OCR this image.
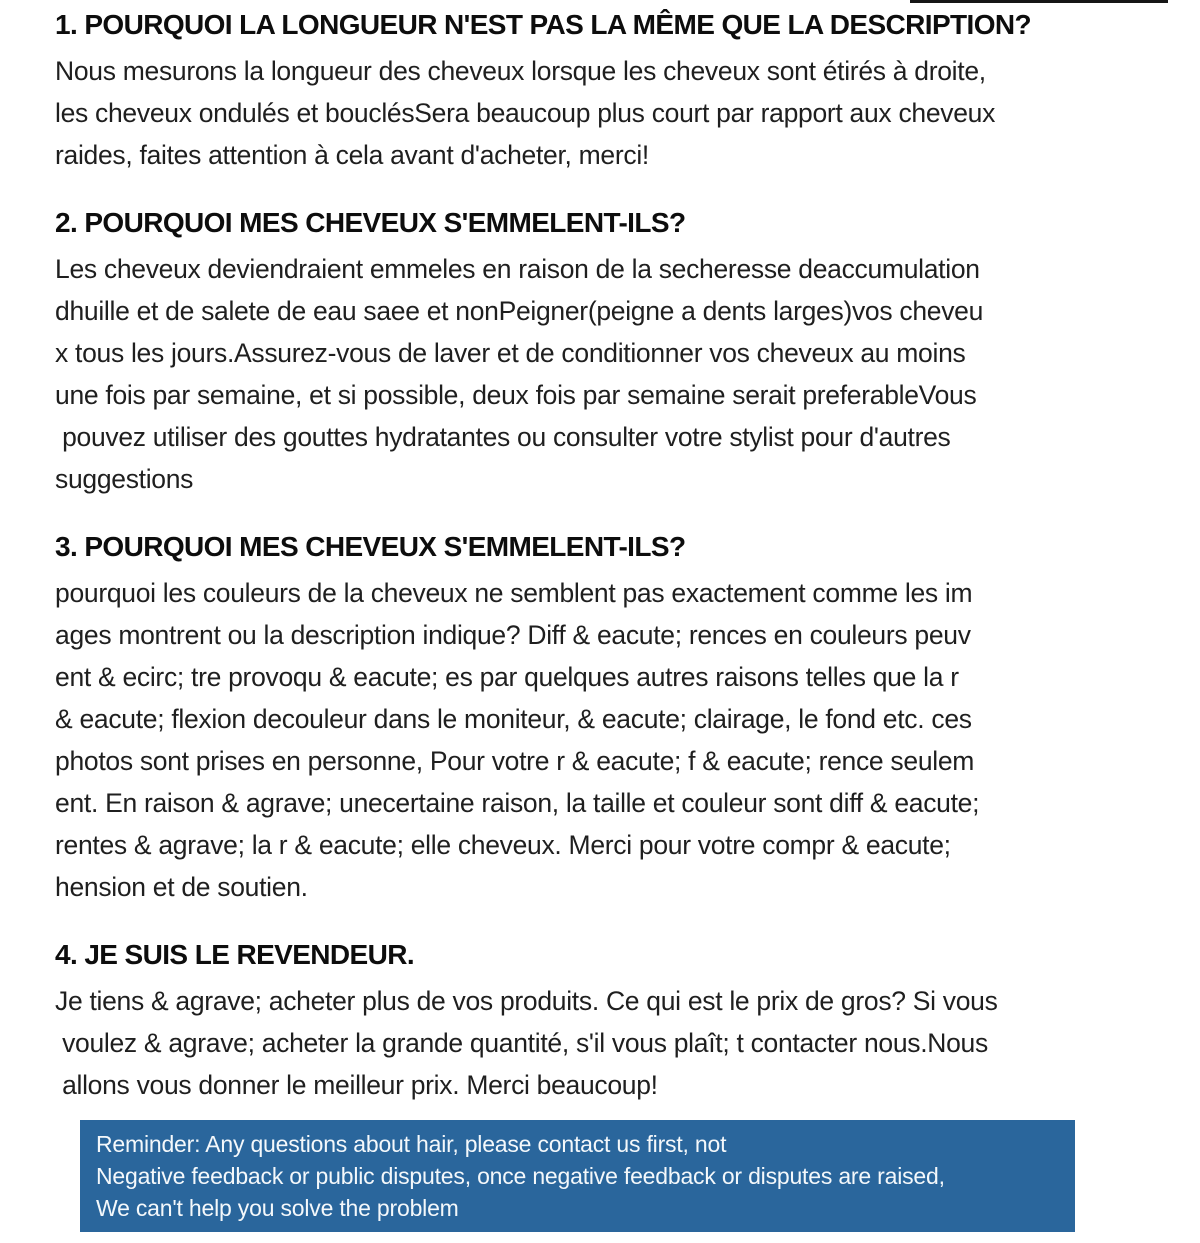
1. POURQUOI LA LONGUEUR N'EST PAS LA MÊME QUE LA DESCRIPTION?
Nous mesurons la longueur des cheveux lorsque les cheveux sont étirés à droite,
les cheveux ondulés et bouclésSera beaucoup plus court par rapport aux cheveux
raides, faites attention à cela avant d'acheter, merci!
2. POURQUOI MES CHEVEUX S'EMMELENT-ILS?
Les cheveux deviendraient emmeles en raison de la secheresse deaccumulation
dhuille et de salete de eau saee et nonPeigner(peigne a dents larges)vos cheveu
x tous les jours.Assurez-vous de laver et de conditionner vos cheveux au moins
une fois par semaine, et si possible, deux fois par semaine serait preferableVous
pouvez utiliser des gouttes hydratantes ou consulter votre stylist pour d'autres
suggestions
3. POURQUOI MES CHEVEUX S'EMMELENT-ILS?
pourquoi les couleurs de la cheveux ne semblent pas exactement comme les im
ages montrent ou la description indique? Diff & eacute; rences en couleurs peuv
ent & ecirc; tre provoqu & eacute; es par quelques autres raisons telles que la r
& eacute; flexion decouleur dans le moniteur, & eacute; clairage, le fond etc. ces
photos sont prises en personne, Pour votre r & eacute; f & eacute; rence seulem
ent. En raison & agrave; unecertaine raison, la taille et couleur sont diff & eacute;
rentes & agrave; la r & eacute; elle cheveux. Merci pour votre compr & eacute;
hension et de soutien.
4. JE SUIS LE REVENDEUR.
Je tiens & agrave; acheter plus de vos produits. Ce qui est le prix de gros? Si vous
voulez & agrave; acheter la grande quantité, s'il vous plaît; t contacter nous.Nous
allons vous donner le meilleur prix. Merci beaucoup!
Reminder: Any questions about hair, please contact us first, not
Negative feedback or public disputes, once negative feedback or disputes are raised,
We can't help you solve the problem
